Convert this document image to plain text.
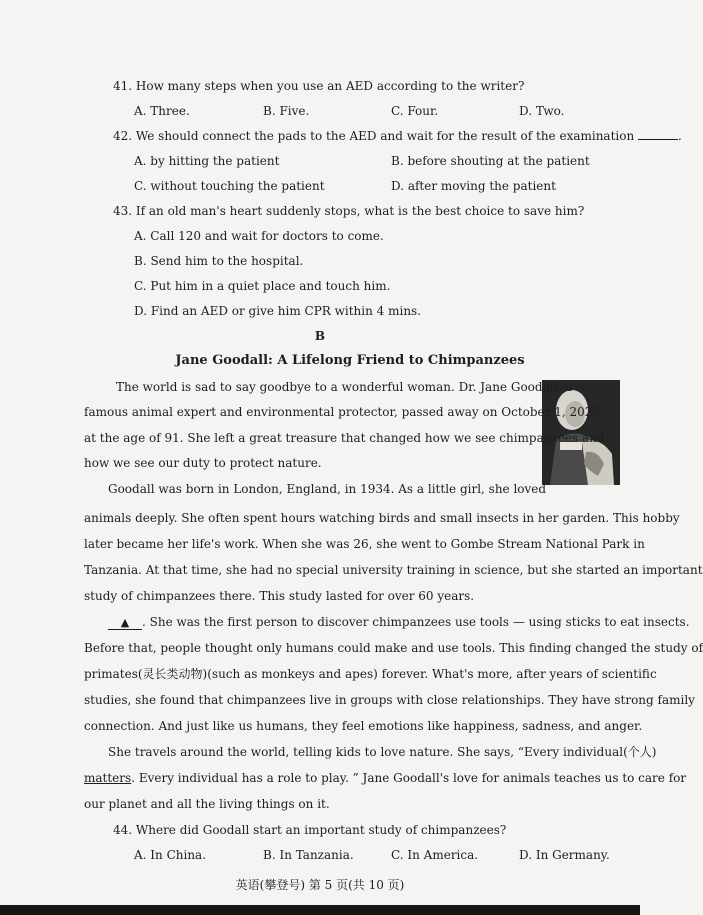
41. How many steps when you use an AED according to the writer?
A. Three.	B. Five.	C. Four.	D. Two.
42. We should connect the pads to the AED and wait for the result of the examination	.
A. by hitting the patient	B. before shouting at the patient
C. without touching the patient	D. after moving the patient
43. If an old man's heart suddenly stops, what is the best choice to save him?
A. Call 120 and wait for doctors to come.
B. Send him to the hospital.
C. Put him in a quiet place and touch him.
D. Find an AED or give him CPR within 4 mins.
B
Jane Goodall: A Lifelong Friend to Chimpanzees
The world is sad to say goodbye to a wonderful woman. Dr. Jane Goodall, a
famous animal expert and environmental protector, passed away on October 1, 2025,
at the age of 91. She left a great treasure that changed how we see chimpanzees and
how we see our duty to protect nature.
Goodall was born in London, England, in 1934. As a little girl, she loved
animals deeply. She often spent hours watching birds and small insects in her garden. This hobby
later became her life's work. When she was 26, she went to Gombe Stream National Park in
Tanzania. At that time, she had no special university training in science, but she started an important
study of chimpanzees there. This study lasted for over 60 years.
▲ . She was the first person to discover chimpanzees use tools — using sticks to eat insects.
Before that, people thought only humans could make and use tools. This finding changed the study of
primates(灵长类动物)(such as monkeys and apes) forever. What's more, after years of scientific
studies, she found that chimpanzees live in groups with close relationships. They have strong family
connection. And just like us humans, they feel emotions like happiness, sadness, and anger.
She travels around the world, telling kids to love nature. She says, “Every individual(个人)
matters. Every individual has a role to play. ” Jane Goodall's love for animals teaches us to care for
our planet and all the living things on it.
44. Where did Goodall start an important study of chimpanzees?
A. In China.	B. In Tanzania.	C. In America.	D. In Germany.
英语(攀登号) 第 5 页(共 10 页)
